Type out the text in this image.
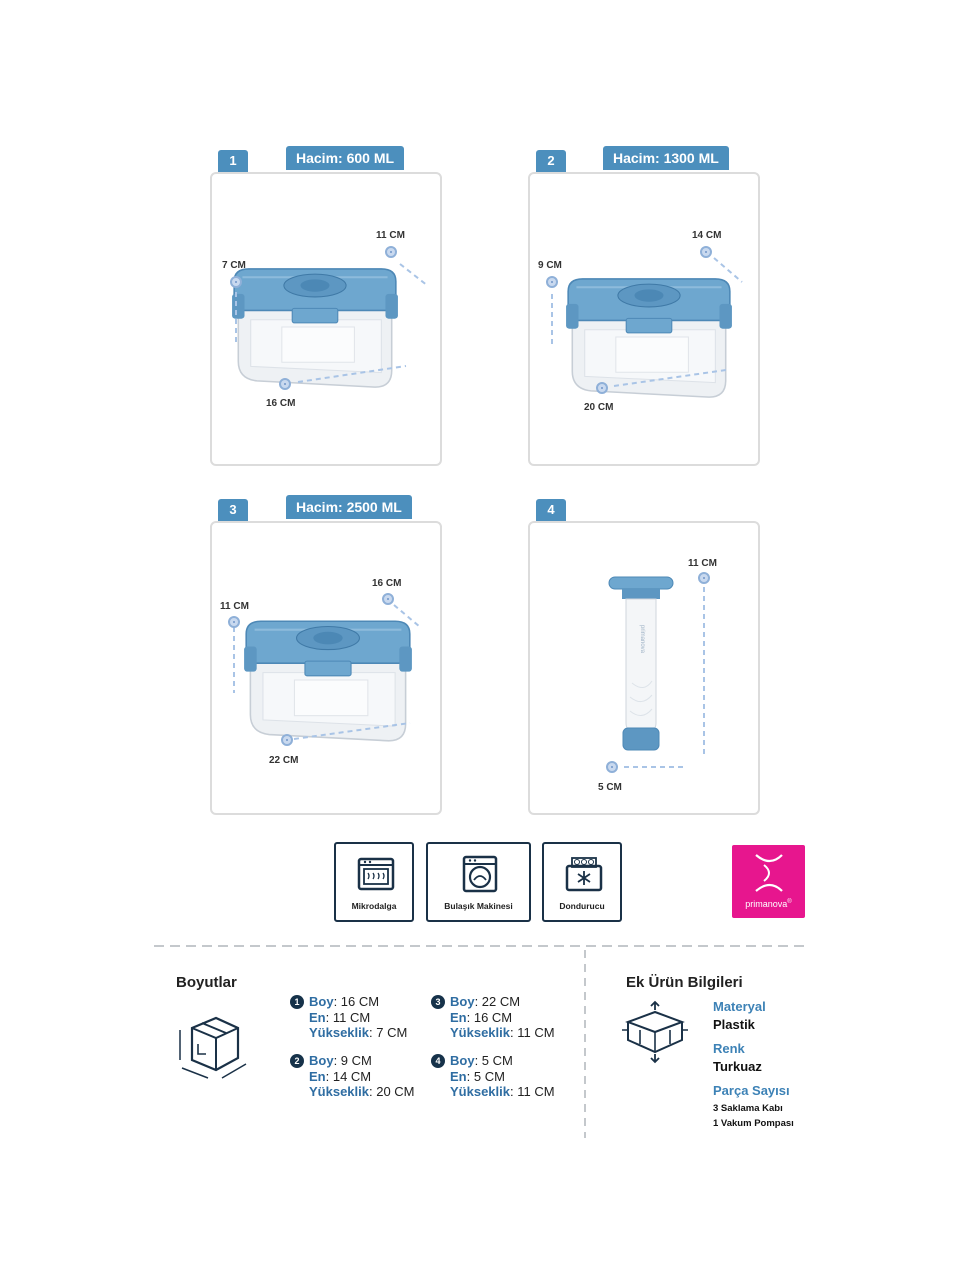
1	Hacim: 600 ML
7 CM
11 CM
16 CM
2	Hacim: 1300 ML
9 CM
14 CM
20 CM
3	Hacim: 2500 ML
11 CM
16 CM
22 CM
4
primanova
11 CM
5 CM
Mikrodalga	Bulaşık Makinesi	Dondurucu	primanova®
Boyutlar
1 Boy: 16 CM
En: 11 CM
Yükseklik: 7 CM
2 Boy: 9 CM
En: 14 CM
Yükseklik: 20 CM
3 Boy: 22 CM
En: 16 CM
Yükseklik: 11 CM
4 Boy: 5 CM
En: 5 CM
Yükseklik: 11 CM
Ek Ürün Bilgileri
Materyal
Plastik
Renk
Turkuaz
Parça Sayısı
3 Saklama Kabı
1 Vakum Pompası
